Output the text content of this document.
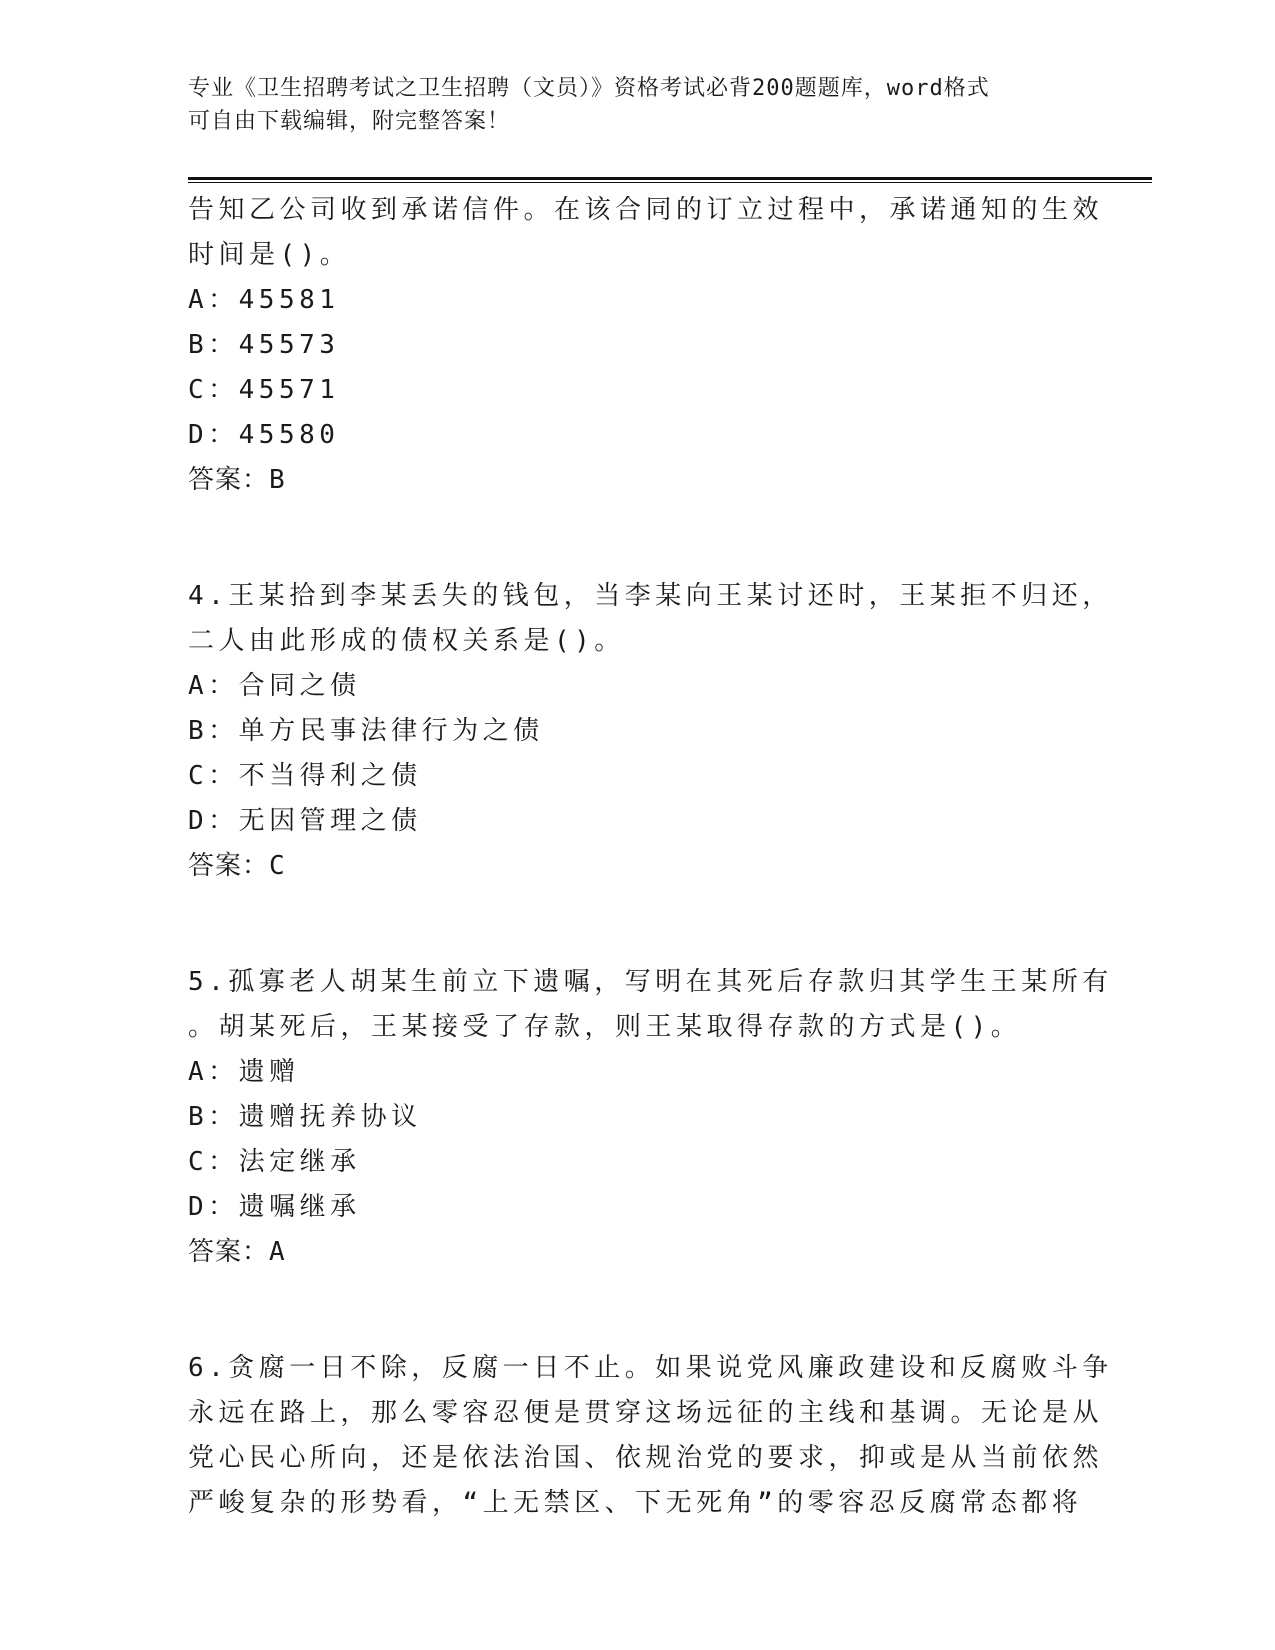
专业《卫生招聘考试之卫生招聘（文员）》资格考试必背200题题库，word格式
可自由下载编辑，附完整答案！
告知乙公司收到承诺信件。在该合同的订立过程中，承诺通知的生效
时间是()。
A：45581
B：45573
C：45571
D：45580
答案：B
4.王某拾到李某丢失的钱包，当李某向王某讨还时，王某拒不归还，
二人由此形成的债权关系是()。
A：合同之债
B：单方民事法律行为之债
C：不当得利之债
D：无因管理之债
答案：C
5.孤寡老人胡某生前立下遗嘱，写明在其死后存款归其学生王某所有
。胡某死后，王某接受了存款，则王某取得存款的方式是()。
A：遗赠
B：遗赠抚养协议
C：法定继承
D：遗嘱继承
答案：A
6.贪腐一日不除，反腐一日不止。如果说党风廉政建设和反腐败斗争
永远在路上，那么零容忍便是贯穿这场远征的主线和基调。无论是从
党心民心所向，还是依法治国、依规治党的要求，抑或是从当前依然
严峻复杂的形势看，“上无禁区、下无死角”的零容忍反腐常态都将
